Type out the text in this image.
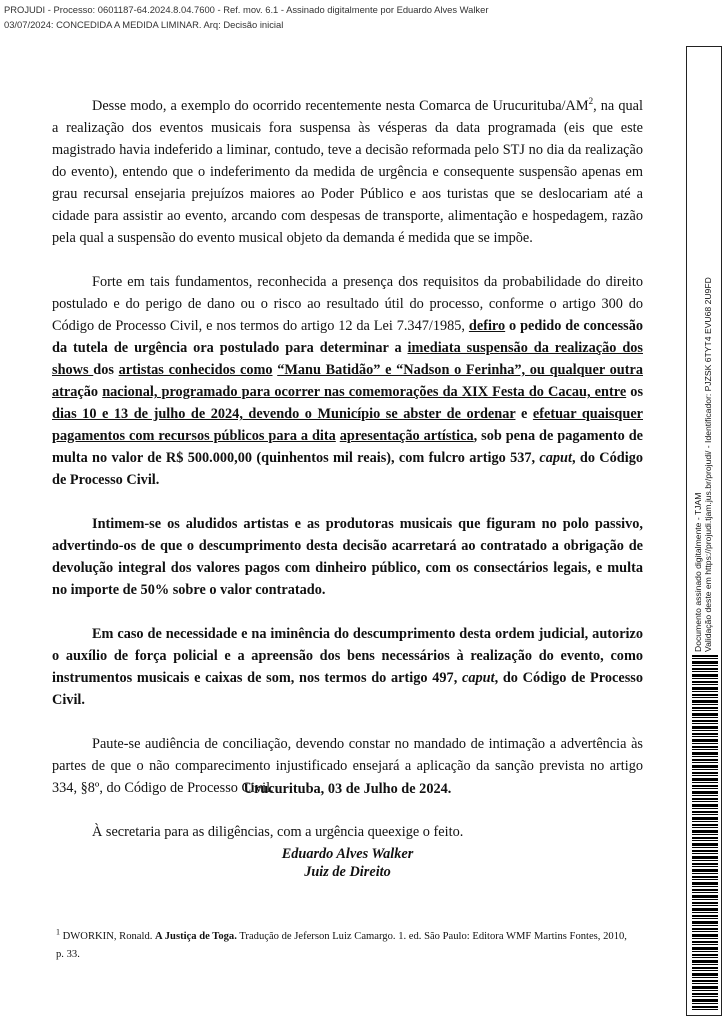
PROJUDI - Processo: 0601187-64.2024.8.04.7600 - Ref. mov. 6.1 - Assinado digitalmente por Eduardo Alves Walker
03/07/2024: CONCEDIDA A MEDIDA LIMINAR. Arq: Decisão inicial

Desse modo, a exemplo do ocorrido recentemente nesta Comarca de Urucurituba/$AM^2$, na qual a realização dos eventos musicais fora suspensa às vésperas da data programada (eis que este magistrado havia indeferido a liminar, contudo, teve a decisão reformada pelo STJ no dia da realização do evento), entendo que o indeferimento da medida de urgência e consequente suspensão apenas em grau recursal ensejaria prejuízos maiores ao Poder Público e aos turistas que se deslocariam até a cidade para assistir ao evento, arcando com despesas de transporte, alimentação e hospedagem, razão pela qual a suspensão do evento musical objeto da demanda é medida que se impõe.

Forte em tais fundamentos, reconhecida a presença dos requisitos da probabilidade do direito postulado e do perigo de dano ou o risco ao resultado útil do processo, conforme o artigo 300 do Código de Processo Civil, e nos termos do artigo 12 da Lei 7.347/1985, defiro o pedido de concessão da tutela de urgência ora postulado para determinar a imediata suspensão da realização dos shows dos artistas conhecidos como “Manu Batidão” e “Nadson o Ferinha”, ou qualquer outra atração nacional, programado para ocorrer nas comemorações da XIX Festa do Cacau, entre os dias 10 e 13 de julho de 2024, devendo o Município se abster de ordenar e efetuar quaisquer pagamentos com recursos públicos para a dita apresentação artística, sob pena de pagamento de multa no valor de R$ 500.000,00 (quinhentos mil reais), com fulcro artigo 537, caput, do Código de Processo Civil.

Intimem-se os aludidos artistas e as produtoras musicais que figuram no polo passivo, advertindo-os de que o descumprimento desta decisão acarretará ao contratado a obrigação de devolução integral dos valores pagos com dinheiro público, com os consectários legais, e multa no importe de 50% sobre o valor contratado.

Em caso de necessidade e na iminência do descumprimento desta ordem judicial, autorizo o auxílio de força policial e a apreensão dos bens necessários à realização do evento, como instrumentos musicais e caixas de som, nos termos do artigo 497, caput, do Código de Processo Civil.

Paute-se audiência de conciliação, devendo constar no mandado de intimação a advertência às partes de que o não comparecimento injustificado ensejará a aplicação da sanção prevista no artigo 334, §8º, do Código de Processo Civil.

À secretaria para as diligências, com a urgência queexige o feito.

Urucurituba, 03 de Julho de 2024.
Eduardo Alves Walker
Juiz de Direito
$^1$ DWORKIN, Ronald. A Justiça de Toga. Tradução de Jeferson Luiz Camargo. 1. ed. São Paulo: Editora WMF Martins Fontes, 2010, p. 33.
Documento assinado digitalmente - TJAM Validação deste em https://projudi.tjam.jus.br/projudi/ - Identificador: PJZSK 6TYT4 EVU68 2U9FD
